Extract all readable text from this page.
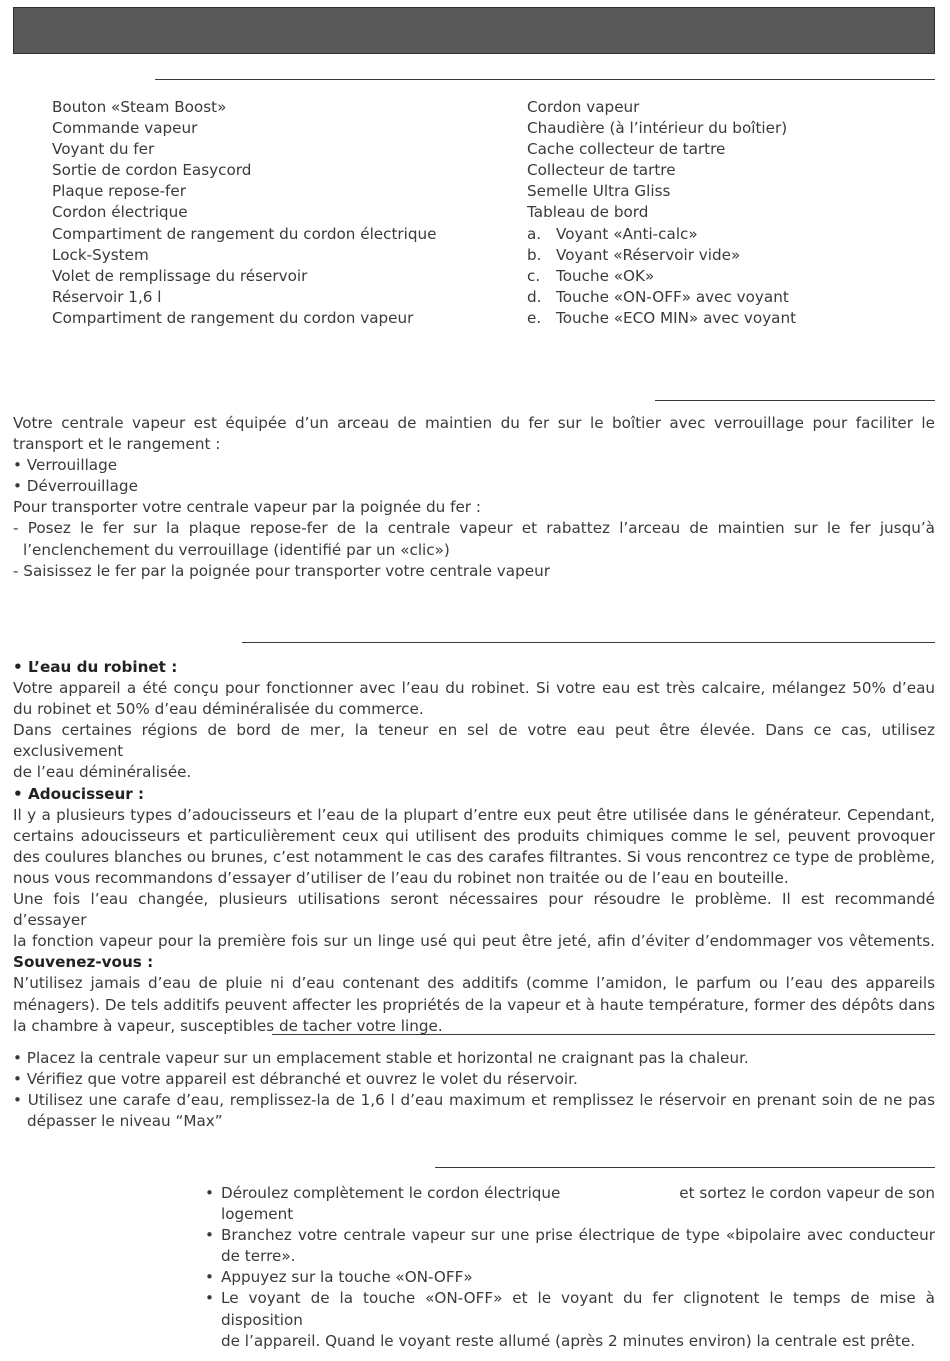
Bouton «Steam Boost»
Commande vapeur
Voyant du fer
Sortie de cordon Easycord
Plaque repose-fer
Cordon électrique
Compartiment de rangement du cordon électrique
Lock-System
Volet de remplissage du réservoir
Réservoir 1,6 l
Compartiment de rangement du cordon vapeur
Cordon vapeur
Chaudière (à l’intérieur du boîtier)
Cache collecteur de tartre
Collecteur de tartre
Semelle Ultra Gliss
Tableau de bord
a. Voyant «Anti-calc»
b. Voyant «Réservoir vide»
c.	Touche «OK»
d. Touche «ON-OFF» avec voyant
e. Touche «ECO MIN» avec voyant
Votre centrale vapeur est équipée d’un arceau de maintien du fer sur le boîtier avec verrouillage pour faciliter le
transport et le rangement :
• Verrouillage
• Déverrouillage
Pour transporter votre centrale vapeur par la poignée du fer :
- Posez le fer sur la plaque repose-fer de la centrale vapeur et rabattez l’arceau de maintien sur le fer jusqu’à
l’enclenchement du verrouillage (identifié par un «clic»)
- Saisissez le fer par la poignée pour transporter votre centrale vapeur
• L’eau du robinet :
Votre appareil a été conçu pour fonctionner avec l’eau du robinet. Si votre eau est très calcaire, mélangez 50% d’eau
du robinet et 50% d’eau déminéralisée du commerce.
Dans certaines régions de bord de mer, la teneur en sel de votre eau peut être élevée. Dans ce cas, utilisez exclusivement
de l’eau déminéralisée.
• Adoucisseur :
Il y a plusieurs types d’adoucisseurs et l’eau de la plupart d’entre eux peut être utilisée dans le générateur. Cependant,
certains adoucisseurs et particulièrement ceux qui utilisent des produits chimiques comme le sel, peuvent provoquer
des coulures blanches ou brunes, c’est notamment le cas des carafes filtrantes. Si vous rencontrez ce type de problème,
nous vous recommandons d’essayer d’utiliser de l’eau du robinet non traitée ou de l’eau en bouteille.
Une fois l’eau changée, plusieurs utilisations seront nécessaires pour résoudre le problème. Il est recommandé d’essayer
la fonction vapeur pour la première fois sur un linge usé qui peut être jeté, afin d’éviter d’endommager vos vêtements.
Souvenez-vous :
N’utilisez jamais d’eau de pluie ni d’eau contenant des additifs (comme l’amidon, le parfum ou l’eau des appareils
ménagers). De tels additifs peuvent affecter les propriétés de la vapeur et à haute température, former des dépôts dans
la chambre à vapeur, susceptibles de tacher votre linge.
• Placez la centrale vapeur sur un emplacement stable et horizontal ne craignant pas la chaleur.
• Vérifiez que votre appareil est débranché et ouvrez le volet du réservoir.
• Utilisez une carafe d’eau, remplissez-la de 1,6 l d’eau maximum et remplissez le réservoir en prenant soin de ne pas
dépasser le niveau “Max”
• Déroulez complètement le cordon électrique	et sortez le cordon vapeur de son
logement
• Branchez votre centrale vapeur sur une prise électrique de type «bipolaire avec conducteur
de terre».
• Appuyez sur la touche «ON-OFF»
• Le voyant de la touche «ON-OFF» et le voyant du fer clignotent le temps de mise à disposition
de l’appareil. Quand le voyant reste allumé (après 2 minutes environ) la centrale est prête.
